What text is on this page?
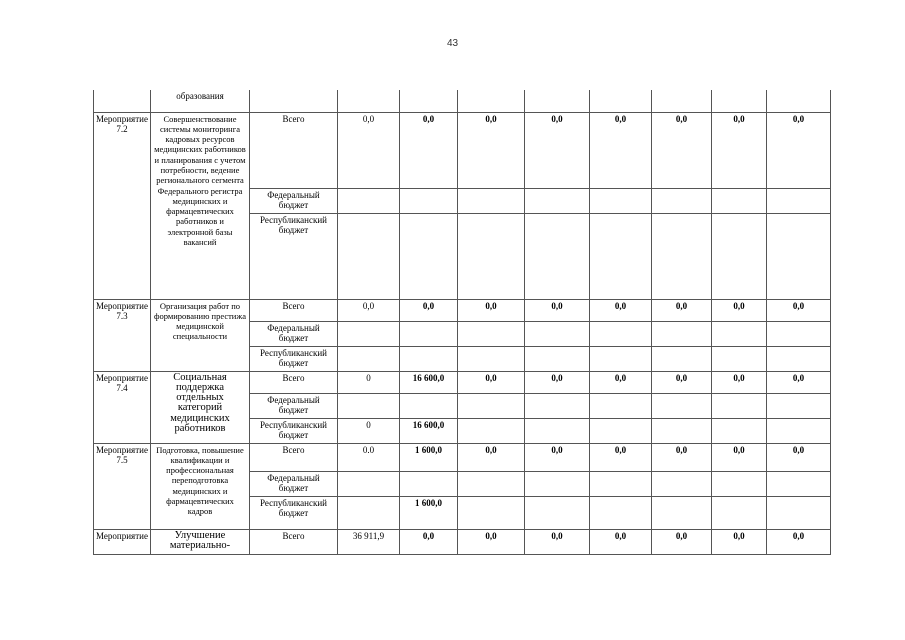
43
	образования									
Мероприятие 7.2	Совершенствование системы мониторинга кадровых ресурсов медицинских работников и планирования с учетом потребности, ведение регионального сегмента Федерального регистра медицинских и фармацевтических работников и электронной базы вакансий	Всего	0,0	0,0	0,0	0,0	0,0	0,0	0,0	0,0
		Федеральный бюджет								
		Республиканский бюджет								
Мероприятие 7.3	Организация работ по формированию престижа медицинской специальности	Всего	0,0	0,0	0,0	0,0	0,0	0,0	0,0	0,0
		Федеральный бюджет								
		Республиканский бюджет								
Мероприятие 7.4	Социальная поддержка отдельных категорий медицинских работников	Всего	0	16 600,0	0,0	0,0	0,0	0,0	0,0	0,0
		Федеральный бюджет								
		Республиканский бюджет	0	16 600,0						
Мероприятие 7.5	Подготовка, повышение квалификации и профессиональная переподготовка медицинских и фармацевтических кадров	Всего	0.0	1 600,0	0,0	0,0	0,0	0,0	0,0	0,0
		Федеральный бюджет								
		Республиканский бюджет		1 600,0						
Мероприятие	Улучшение материально-	Всего	36 911,9	0,0	0,0	0,0	0,0	0,0	0,0	0,0
